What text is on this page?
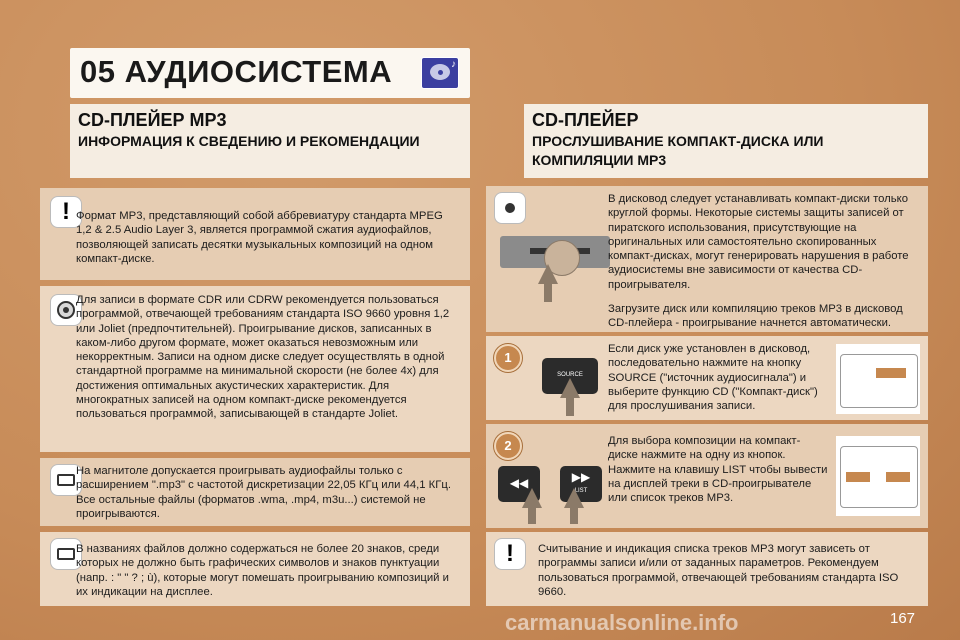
05 АУДИОСИСТЕМА	♪
CD-ПЛЕЙЕР MP3
ИНФОРМАЦИЯ К СВЕДЕНИЮ И РЕКОМЕНДАЦИИ
CD-ПЛЕЙЕР
ПРОСЛУШИВАНИЕ КОМПАКТ-ДИСКА ИЛИ КОМПИЛЯЦИИ MP3
! Формат МР3, представляющий собой аббревиатуру стандарта MPEG 1,2 & 2.5 Audio Layer 3, является программой сжатия аудиофайлов, позволяющей записать десятки музыкальных композиций на одном компакт-диске.
Для записи в формате CDR или CDRW рекомендуется пользоваться программой, отвечающей требованиям стандарта ISO 9660 уровня 1,2 или Joliet (предпочтительней). Проигрывание дисков, записанных в каком-либо другом формате, может оказаться невозможным или некорректным. Записи на одном диске следует осуществлять в одной стандартной программе на минимальной скорости (не более 4х) для достижения оптимальных акустических характеристик. Для многократных записей на одном компакт-диске рекомендуется пользоваться программой, записывающей в стандарте Joliet.
На магнитоле допускается проигрывать аудиофайлы только с расширением ".mp3" с частотой дискретизации 22,05 КГц или 44,1 КГц. Все остальные файлы (форматов .wma, .mp4, m3u...) системой не проигрываются.
В названиях файлов должно содержаться не более 20 знаков, среди которых не должно быть графических символов и знаков пунктуации (напр. : " " ? ; ù), которые могут помешать проигрыванию композиций и их индикации на дисплее.
В дисковод следует устанавливать компакт-диски только круглой формы. Некоторые системы защиты записей от пиратского использования, присутствующие на оригинальных или самостоятельно скопированных компакт-дисках, могут генерировать нарушения в работе аудиосистемы вне зависимости от качества CD-проигрывателя.
Загрузите диск или компиляцию треков MP3 в дисковод CD-плейера - проигрывание начнется автоматически.
1
SOURCE
Если диск уже установлен в дисковод, последовательно нажмите на кнопку SOURCE ("источник аудиосигнала") и выберите функцию CD ("Компакт-диск") для прослушивания записи.
2
◀◀	▶▶
LIST
Для выбора композиции на компакт-диске нажмите на одну из кнопок. Нажмите на клавишу LIST чтобы вывести на дисплей треки в CD-проигрывателе или список треков MP3.
!	Считывание и индикация списка треков MP3 могут зависеть от программы записи и/или от заданных параметров. Рекомендуем пользоваться программой, отвечающей требованиям стандарта ISO 9660.
carmanualsonline.info	167
